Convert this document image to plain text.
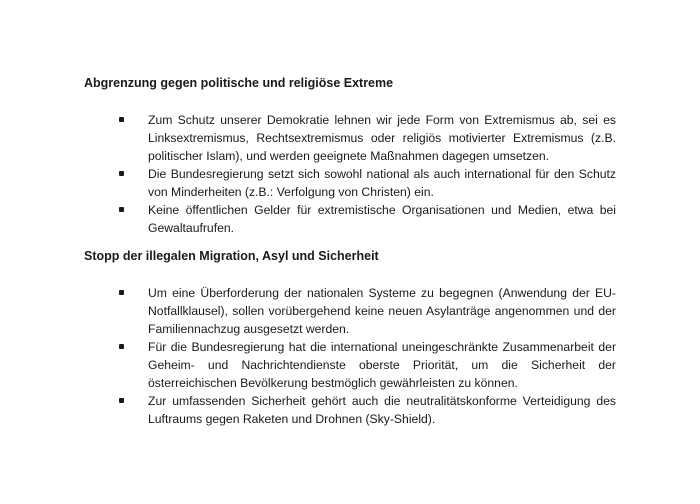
Abgrenzung gegen politische und religiöse Extreme
Zum Schutz unserer Demokratie lehnen wir jede Form von Extremismus ab, sei es Linksextremismus, Rechtsextremismus oder religiös motivierter Extremismus (z.B. politischer Islam), und werden geeignete Maßnahmen dagegen umsetzen.
Die Bundesregierung setzt sich sowohl national als auch international für den Schutz von Minderheiten (z.B.: Verfolgung von Christen) ein.
Keine öffentlichen Gelder für extremistische Organisationen und Medien, etwa bei Gewaltaufrufen.
Stopp der illegalen Migration, Asyl und Sicherheit
Um eine Überforderung der nationalen Systeme zu begegnen (Anwendung der EU-Notfallklausel), sollen vorübergehend keine neuen Asylanträge angenommen und der Familiennachzug ausgesetzt werden.
Für die Bundesregierung hat die international uneingeschränkte Zusammenarbeit der Geheim- und Nachrichtendienste oberste Priorität, um die Sicherheit der österreichischen Bevölkerung bestmöglich gewährleisten zu können.
Zur umfassenden Sicherheit gehört auch die neutralitätskonforme Verteidigung des Luftraums gegen Raketen und Drohnen (Sky-Shield).
